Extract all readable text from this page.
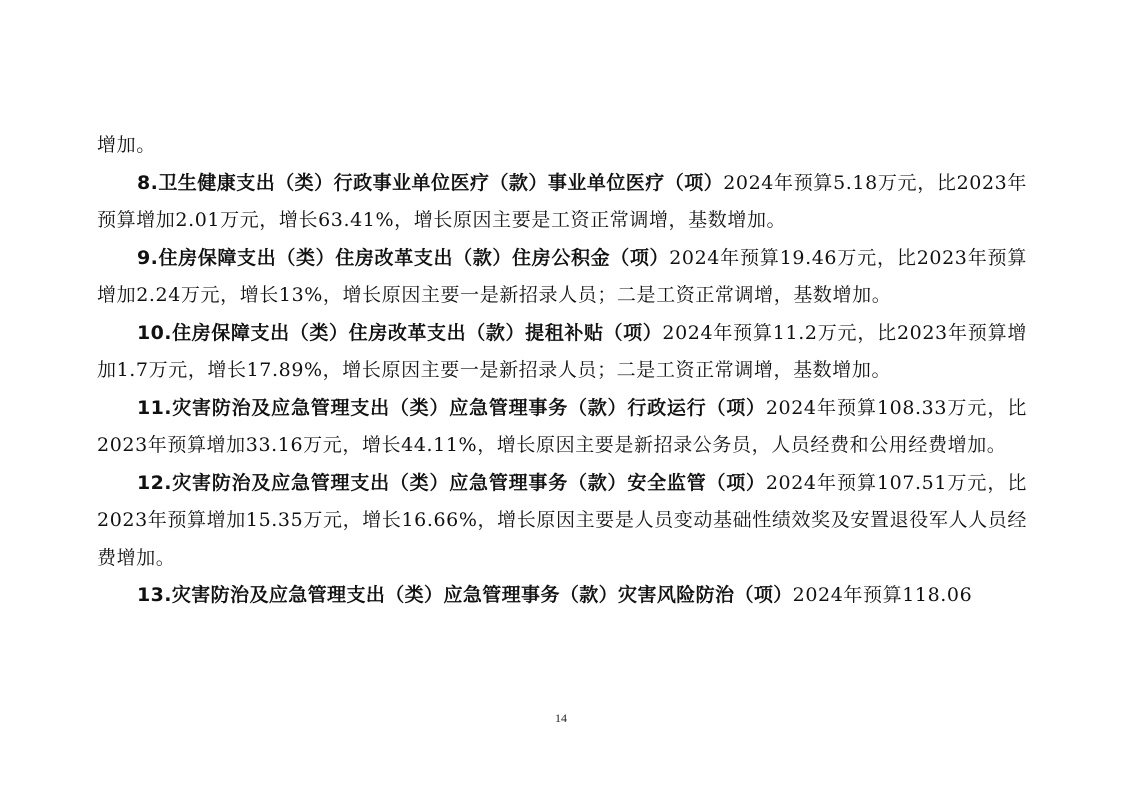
增加。

8.卫生健康支出（类）行政事业单位医疗（款）事业单位医疗（项）2024年预算5.18万元，比2023年预算增加2.01万元，增长63.41%，增长原因主要是工资正常调增，基数增加。

9.住房保障支出（类）住房改革支出（款）住房公积金（项）2024年预算19.46万元，比2023年预算增加2.24万元，增长13%，增长原因主要一是新招录人员；二是工资正常调增，基数增加。

10.住房保障支出（类）住房改革支出（款）提租补贴（项）2024年预算11.2万元，比2023年预算增加1.7万元，增长17.89%，增长原因主要一是新招录人员；二是工资正常调增，基数增加。

11.灾害防治及应急管理支出（类）应急管理事务（款）行政运行（项）2024年预算108.33万元，比2023年预算增加33.16万元，增长44.11%，增长原因主要是新招录公务员，人员经费和公用经费增加。

12.灾害防治及应急管理支出（类）应急管理事务（款）安全监管（项）2024年预算107.51万元，比2023年预算增加15.35万元，增长16.66%，增长原因主要是人员变动基础性绩效奖及安置退役军人人员经费增加。

13.灾害防治及应急管理支出（类）应急管理事务（款）灾害风险防治（项）2024年预算118.06

14
